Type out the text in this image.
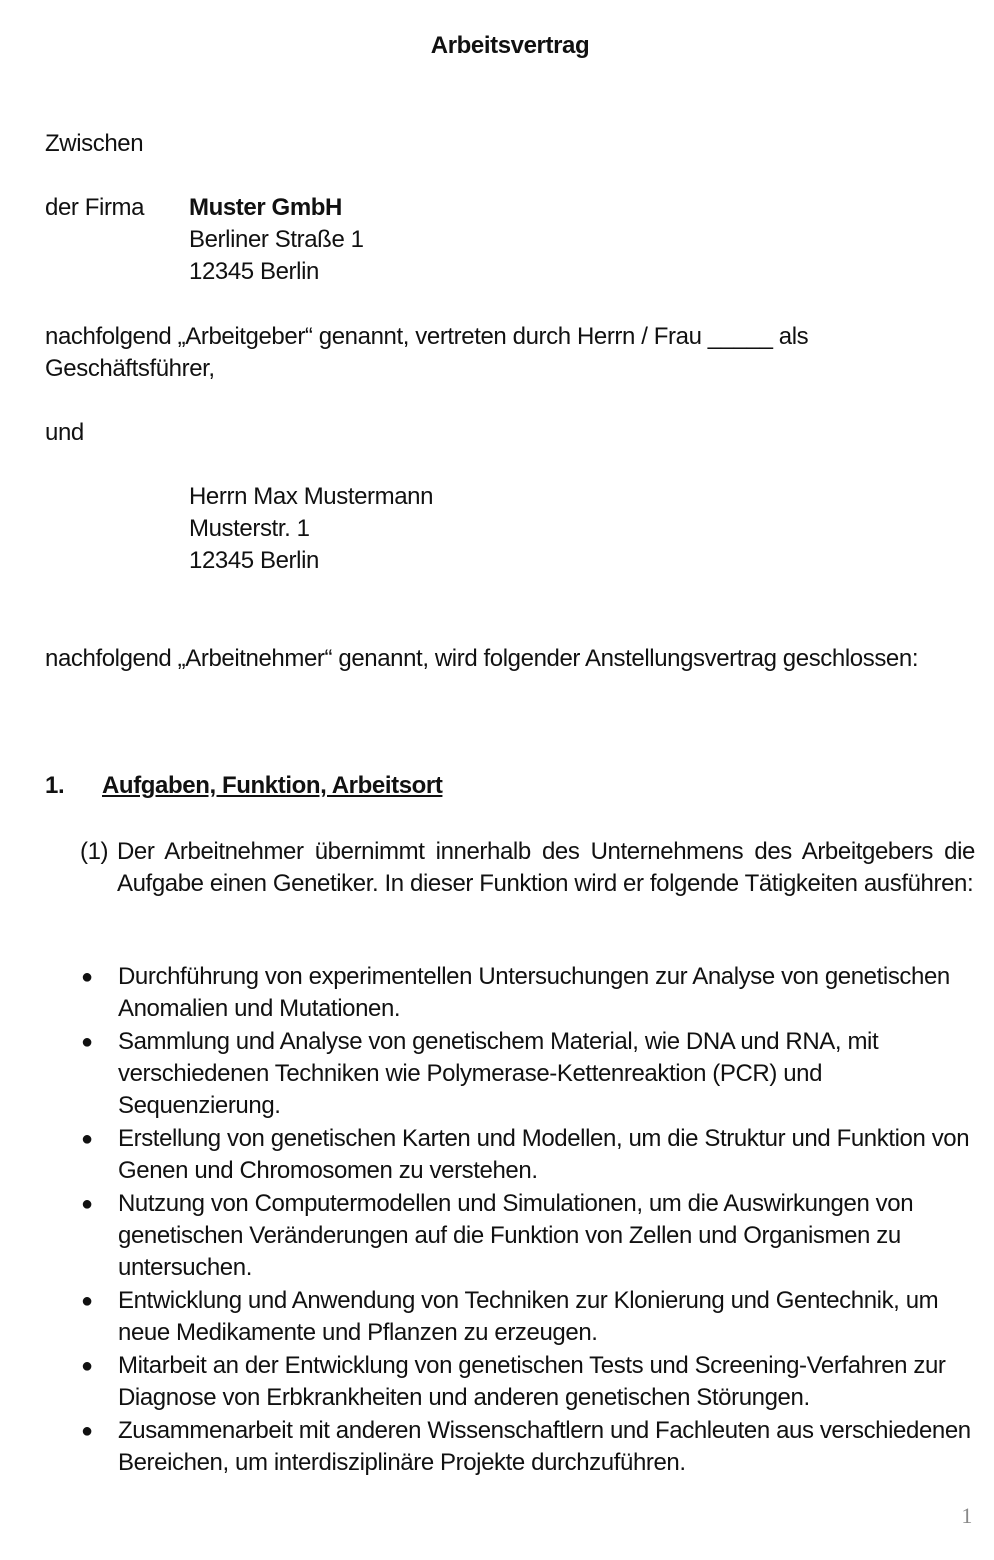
Arbeitsvertrag
Zwischen
der Firma Muster GmbH
Berliner Straße 1
12345 Berlin
nachfolgend „Arbeitgeber“ genannt, vertreten durch Herrn / Frau _____ als
Geschäftsführer,
und
Herrn Max Mustermann
Musterstr. 1
12345 Berlin
nachfolgend „Arbeitnehmer“ genannt, wird folgender Anstellungsvertrag geschlossen:
1. Aufgaben, Funktion, Arbeitsort
(1) Der Arbeitnehmer übernimmt innerhalb des Unternehmens des Arbeitgebers die Aufgabe einen Genetiker. In dieser Funktion wird er folgende Tätigkeiten ausführen:
●	Durchführung von experimentellen Untersuchungen zur Analyse von genetischen Anomalien und Mutationen.
●	Sammlung und Analyse von genetischem Material, wie DNA und RNA, mit verschiedenen Techniken wie Polymerase-Kettenreaktion (PCR) und Sequenzierung.
●	Erstellung von genetischen Karten und Modellen, um die Struktur und Funktion von Genen und Chromosomen zu verstehen.
●	Nutzung von Computermodellen und Simulationen, um die Auswirkungen von genetischen Veränderungen auf die Funktion von Zellen und Organismen zu untersuchen.
●	Entwicklung und Anwendung von Techniken zur Klonierung und Gentechnik, um neue Medikamente und Pflanzen zu erzeugen.
●	Mitarbeit an der Entwicklung von genetischen Tests und Screening-Verfahren zur Diagnose von Erbkrankheiten und anderen genetischen Störungen.
●	Zusammenarbeit mit anderen Wissenschaftlern und Fachleuten aus verschiedenen Bereichen, um interdisziplinäre Projekte durchzuführen.
1
